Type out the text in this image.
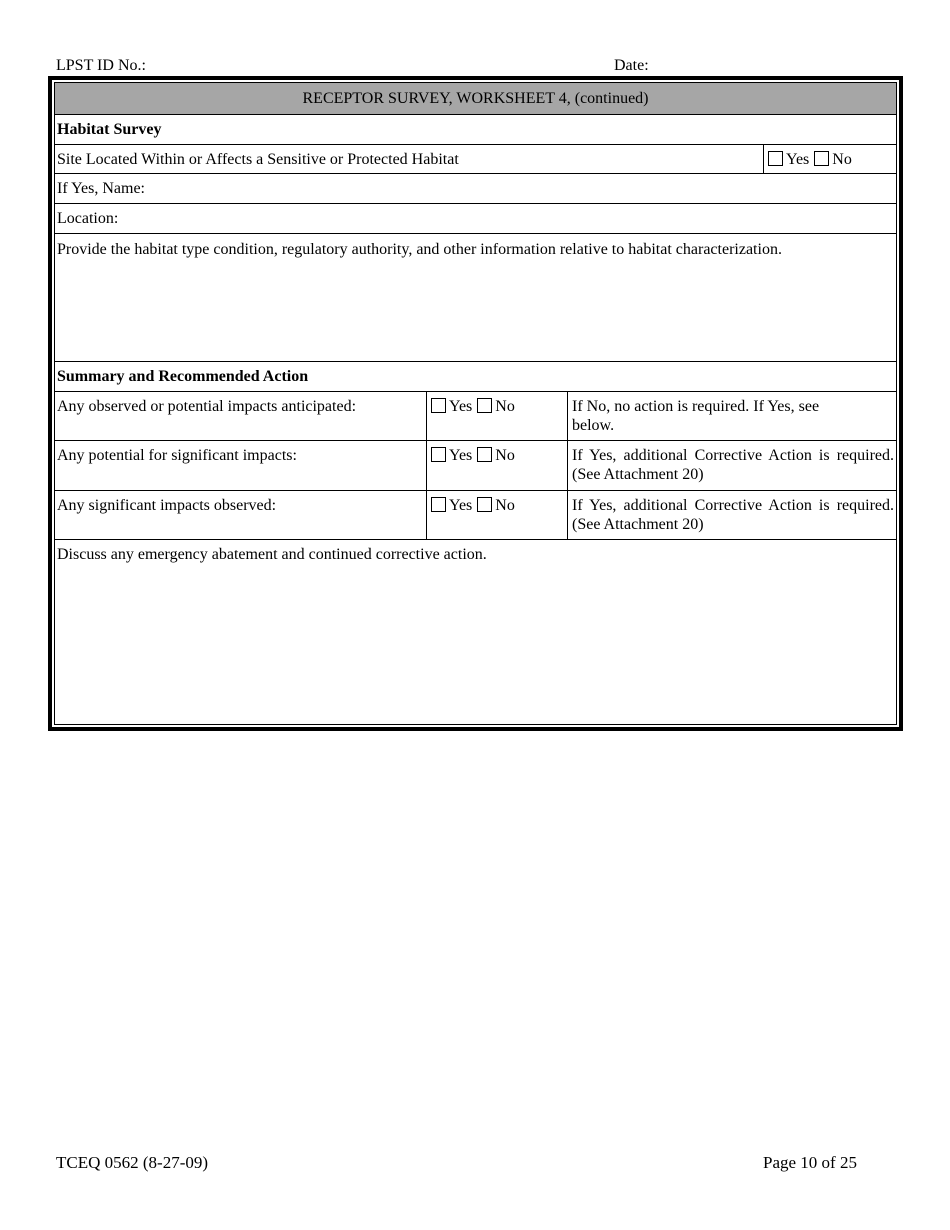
LPST ID No.:	Date:
RECEPTOR SURVEY, WORKSHEET 4, (continued)
Habitat Survey
Site Located Within or Affects a Sensitive or Protected Habitat	Yes No
If Yes, Name:
Location:
Provide the habitat type condition, regulatory authority, and other information relative to habitat characterization.
Summary and Recommended Action
Any observed or potential impacts anticipated:	Yes No	If No, no action is required. If Yes, see below.
Any potential for significant impacts:	Yes No	If Yes, additional Corrective Action is required. (See Attachment 20)
Any significant impacts observed:	Yes No	If Yes, additional Corrective Action is required. (See Attachment 20)
Discuss any emergency abatement and continued corrective action.
TCEQ 0562 (8-27-09)	Page 10 of 25
